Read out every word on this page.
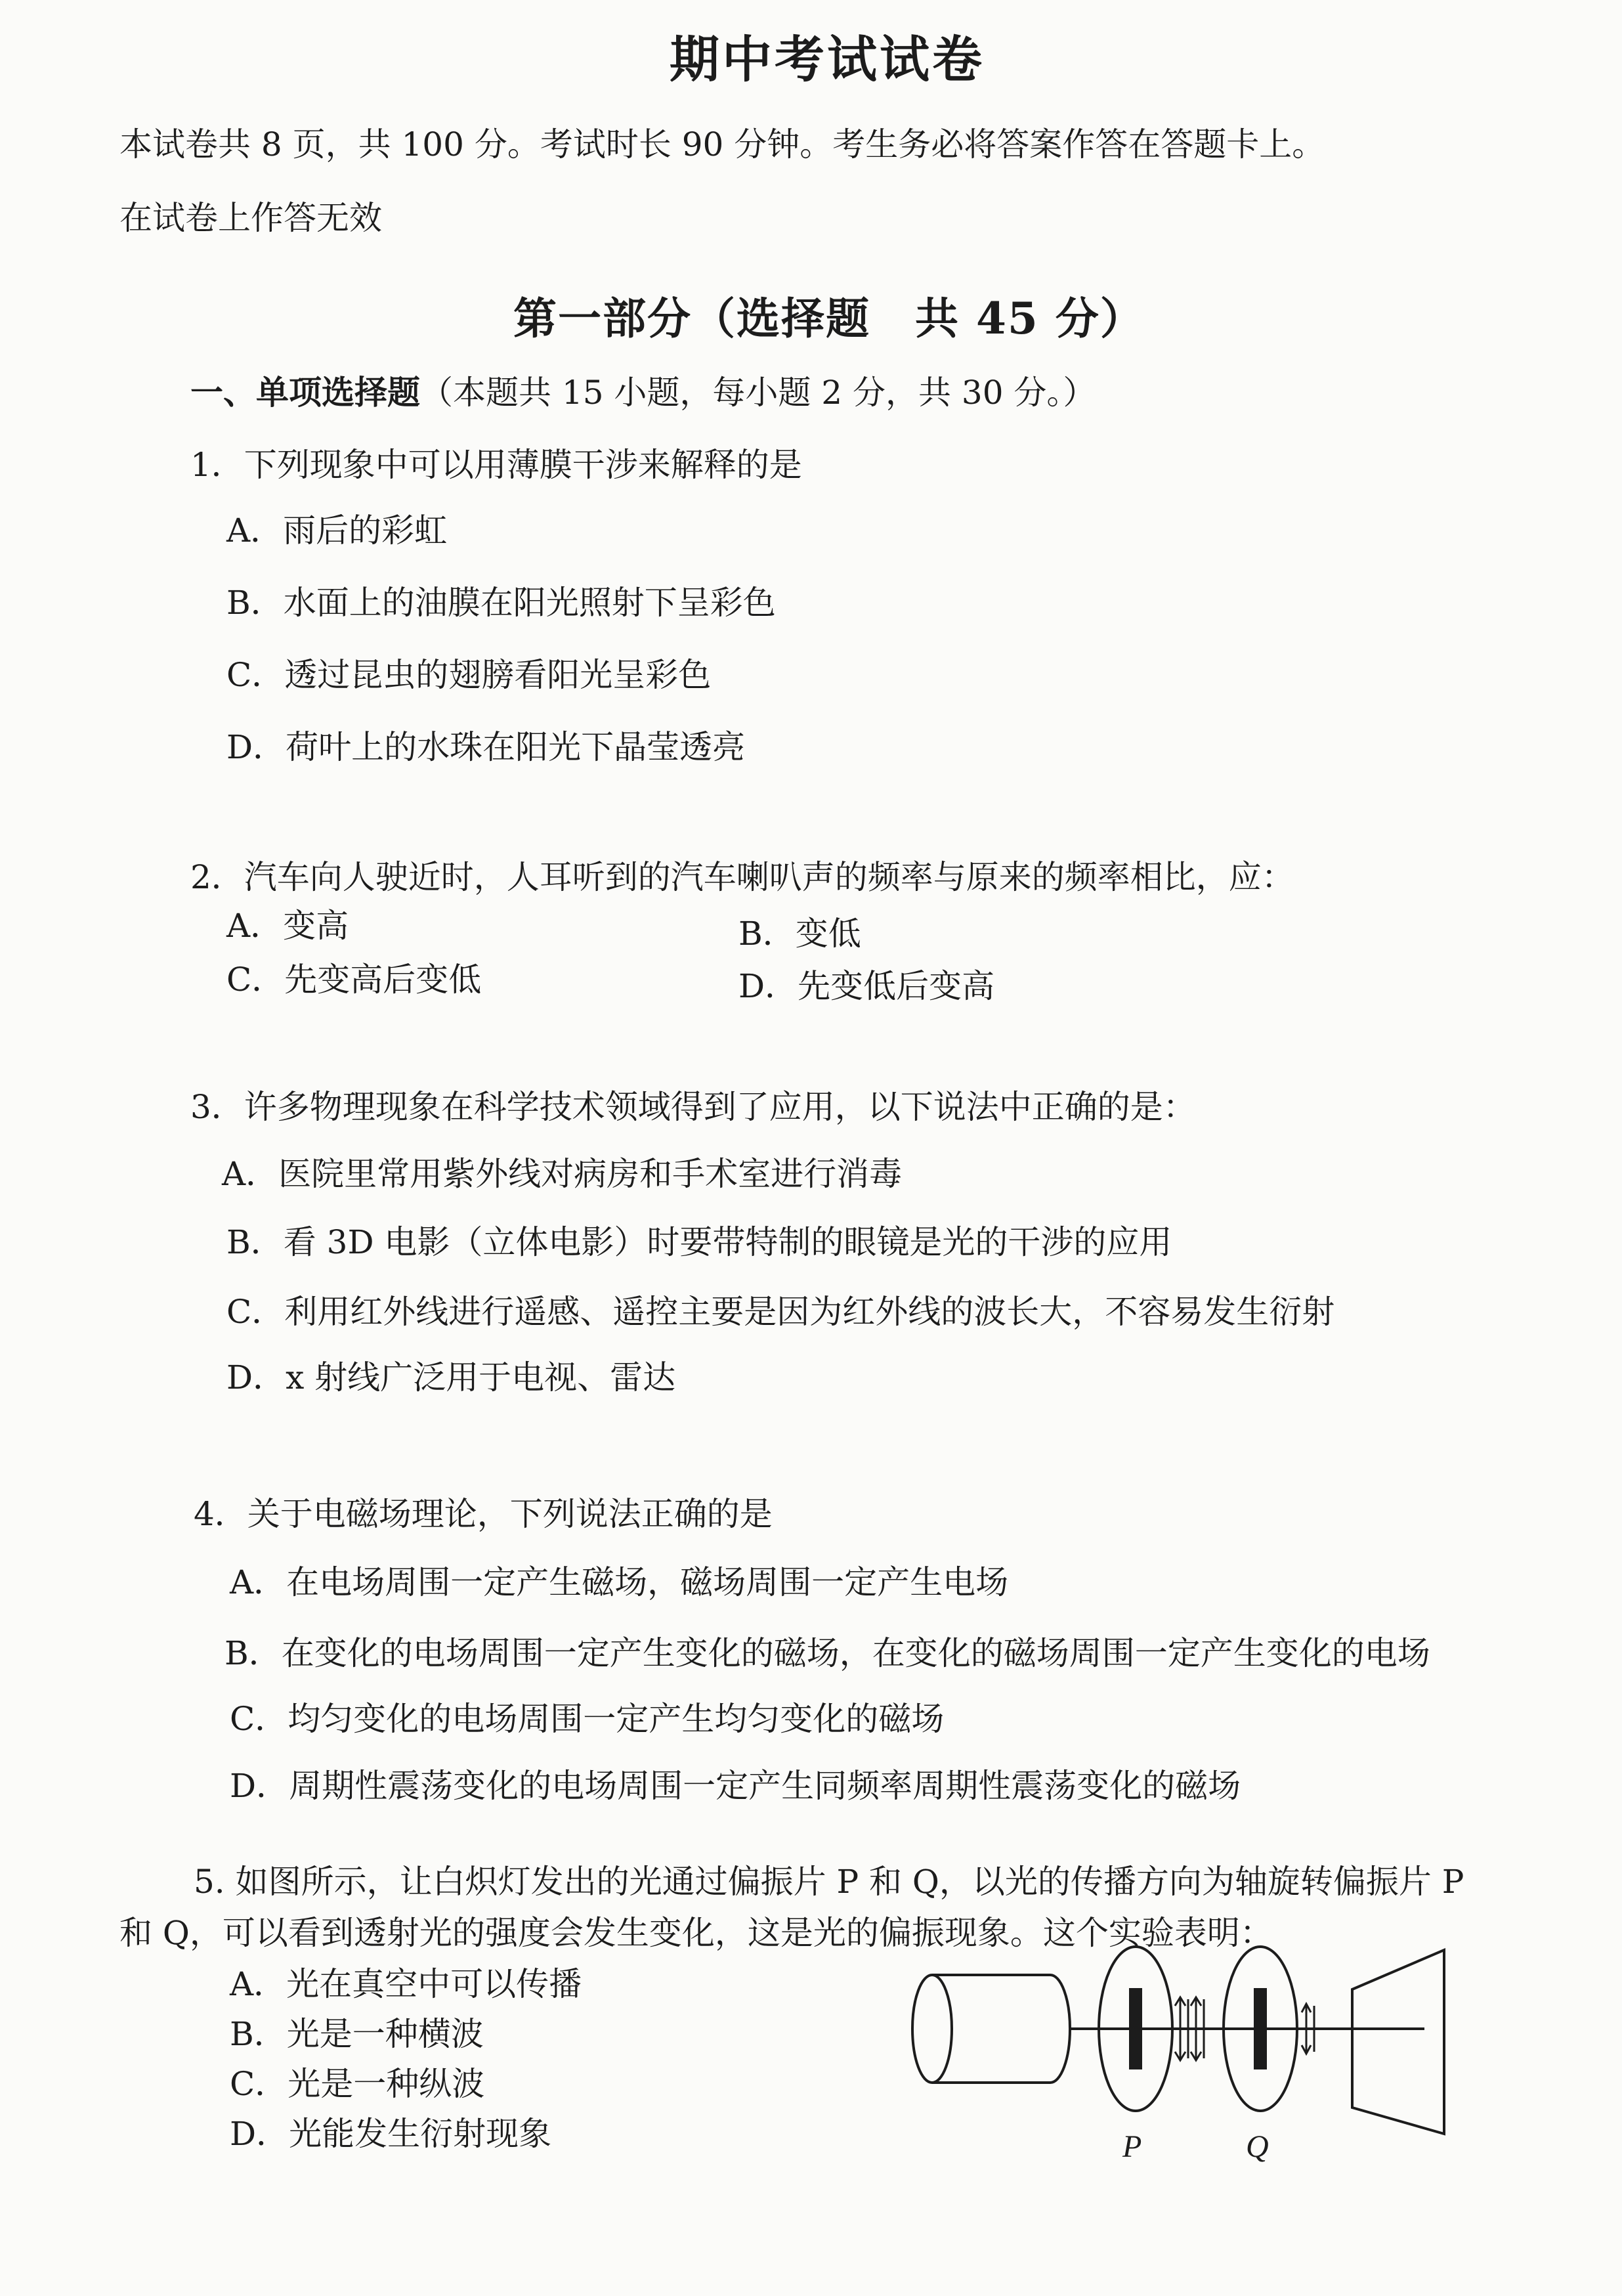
期中考试试卷
本试卷共 8 页，共 100 分。考试时长 90 分钟。考生务必将答案作答在答题卡上。
在试卷上作答无效
第一部分（选择题　共 45 分）
一、单项选择题（本题共 15 小题，每小题 2 分，共 30 分。）
1．下列现象中可以用薄膜干涉来解释的是
A．雨后的彩虹
B．水面上的油膜在阳光照射下呈彩色
C．透过昆虫的翅膀看阳光呈彩色
D．荷叶上的水珠在阳光下晶莹透亮
2．汽车向人驶近时，人耳听到的汽车喇叭声的频率与原来的频率相比，应：
A．变高	B．变低
C．先变高后变低	D．先变低后变高
3．许多物理现象在科学技术领域得到了应用，以下说法中正确的是：
A．医院里常用紫外线对病房和手术室进行消毒
B．看 3D 电影（立体电影）时要带特制的眼镜是光的干涉的应用
C．利用红外线进行遥感、遥控主要是因为红外线的波长大，不容易发生衍射
D．x 射线广泛用于电视、雷达
4．关于电磁场理论，下列说法正确的是
A．在电场周围一定产生磁场，磁场周围一定产生电场
B．在变化的电场周围一定产生变化的磁场，在变化的磁场周围一定产生变化的电场
C．均匀变化的电场周围一定产生均匀变化的磁场
D．周期性震荡变化的电场周围一定产生同频率周期性震荡变化的磁场
5. 如图所示，让白炽灯发出的光通过偏振片 P 和 Q，以光的传播方向为轴旋转偏振片 P
和 Q，可以看到透射光的强度会发生变化，这是光的偏振现象。这个实验表明：
A．光在真空中可以传播
B．光是一种横波
C．光是一种纵波
D．光能发生衍射现象	P	Q
